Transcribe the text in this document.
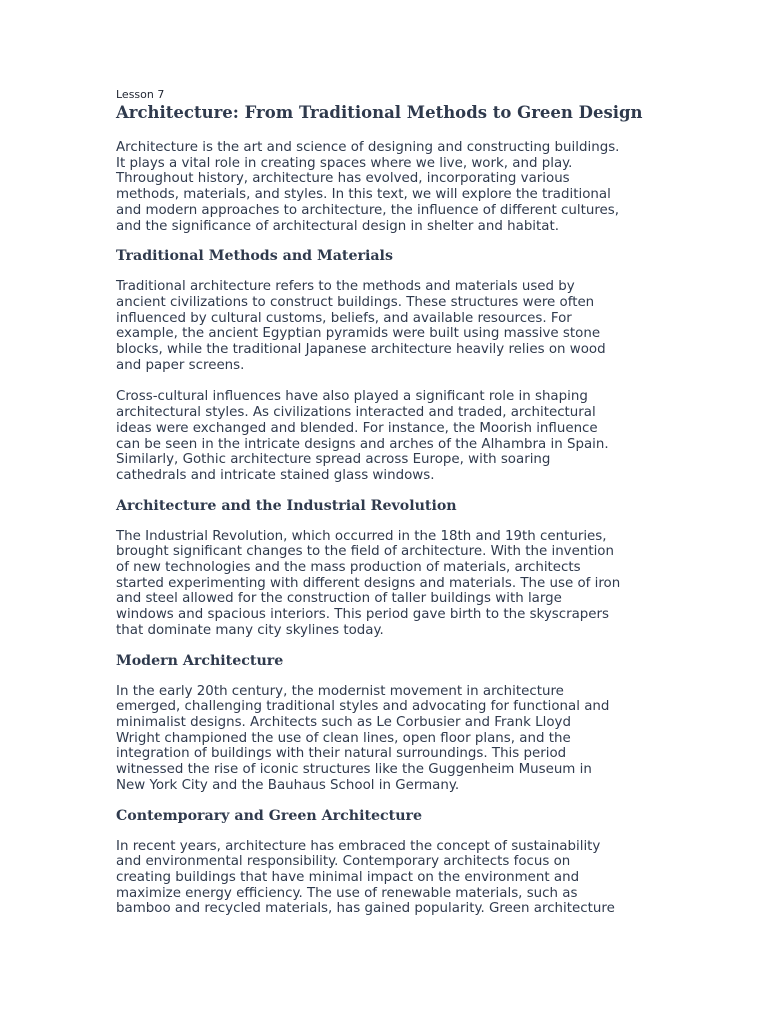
Lesson 7

Architecture: From Traditional Methods to Green Design
Architecture is the art and science of designing and constructing buildings.
It plays a vital role in creating spaces where we live, work, and play.
Throughout history, architecture has evolved, incorporating various
methods, materials, and styles. In this text, we will explore the traditional
and modern approaches to architecture, the influence of different cultures,
and the significance of architectural design in shelter and habitat.
Traditional Methods and Materials
Traditional architecture refers to the methods and materials used by
ancient civilizations to construct buildings. These structures were often
influenced by cultural customs, beliefs, and available resources. For
example, the ancient Egyptian pyramids were built using massive stone
blocks, while the traditional Japanese architecture heavily relies on wood
and paper screens.
Cross-cultural influences have also played a significant role in shaping
architectural styles. As civilizations interacted and traded, architectural
ideas were exchanged and blended. For instance, the Moorish influence
can be seen in the intricate designs and arches of the Alhambra in Spain.
Similarly, Gothic architecture spread across Europe, with soaring
cathedrals and intricate stained glass windows.
Architecture and the Industrial Revolution
The Industrial Revolution, which occurred in the 18th and 19th centuries,
brought significant changes to the field of architecture. With the invention
of new technologies and the mass production of materials, architects
started experimenting with different designs and materials. The use of iron
and steel allowed for the construction of taller buildings with large
windows and spacious interiors. This period gave birth to the skyscrapers
that dominate many city skylines today.
Modern Architecture
In the early 20th century, the modernist movement in architecture
emerged, challenging traditional styles and advocating for functional and
minimalist designs. Architects such as Le Corbusier and Frank Lloyd
Wright championed the use of clean lines, open floor plans, and the
integration of buildings with their natural surroundings. This period
witnessed the rise of iconic structures like the Guggenheim Museum in
New York City and the Bauhaus School in Germany.
Contemporary and Green Architecture
In recent years, architecture has embraced the concept of sustainability
and environmental responsibility. Contemporary architects focus on
creating buildings that have minimal impact on the environment and
maximize energy efficiency. The use of renewable materials, such as
bamboo and recycled materials, has gained popularity. Green architecture
